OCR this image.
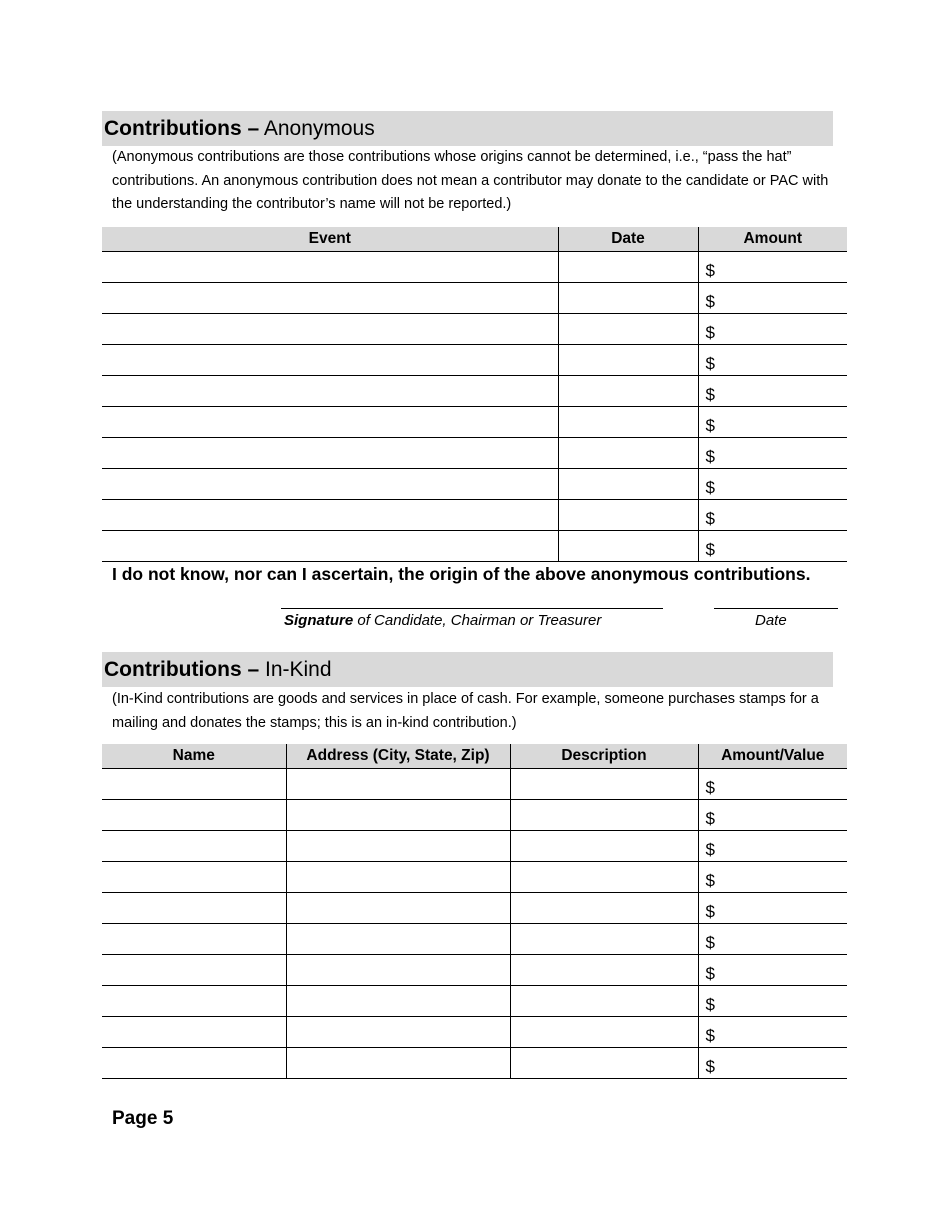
Contributions – Anonymous
(Anonymous contributions are those contributions whose origins cannot be determined, i.e., “pass the hat” contributions. An anonymous contribution does not mean a contributor may donate to the candidate or PAC with the understanding the contributor’s name will not be reported.)
Event	Date	Amount
		$
		$
		$
		$
		$
		$
		$
		$
		$
		$
I do not know, nor can I ascertain, the origin of the above anonymous contributions.
Signature of Candidate, Chairman or Treasurer	Date
Contributions – In-Kind
(In-Kind contributions are goods and services in place of cash. For example, someone purchases stamps for a mailing and donates the stamps; this is an in-kind contribution.)
Name	Address (City, State, Zip)	Description	Amount/Value
			$
			$
			$
			$
			$
			$
			$
			$
			$
			$
Page 5
